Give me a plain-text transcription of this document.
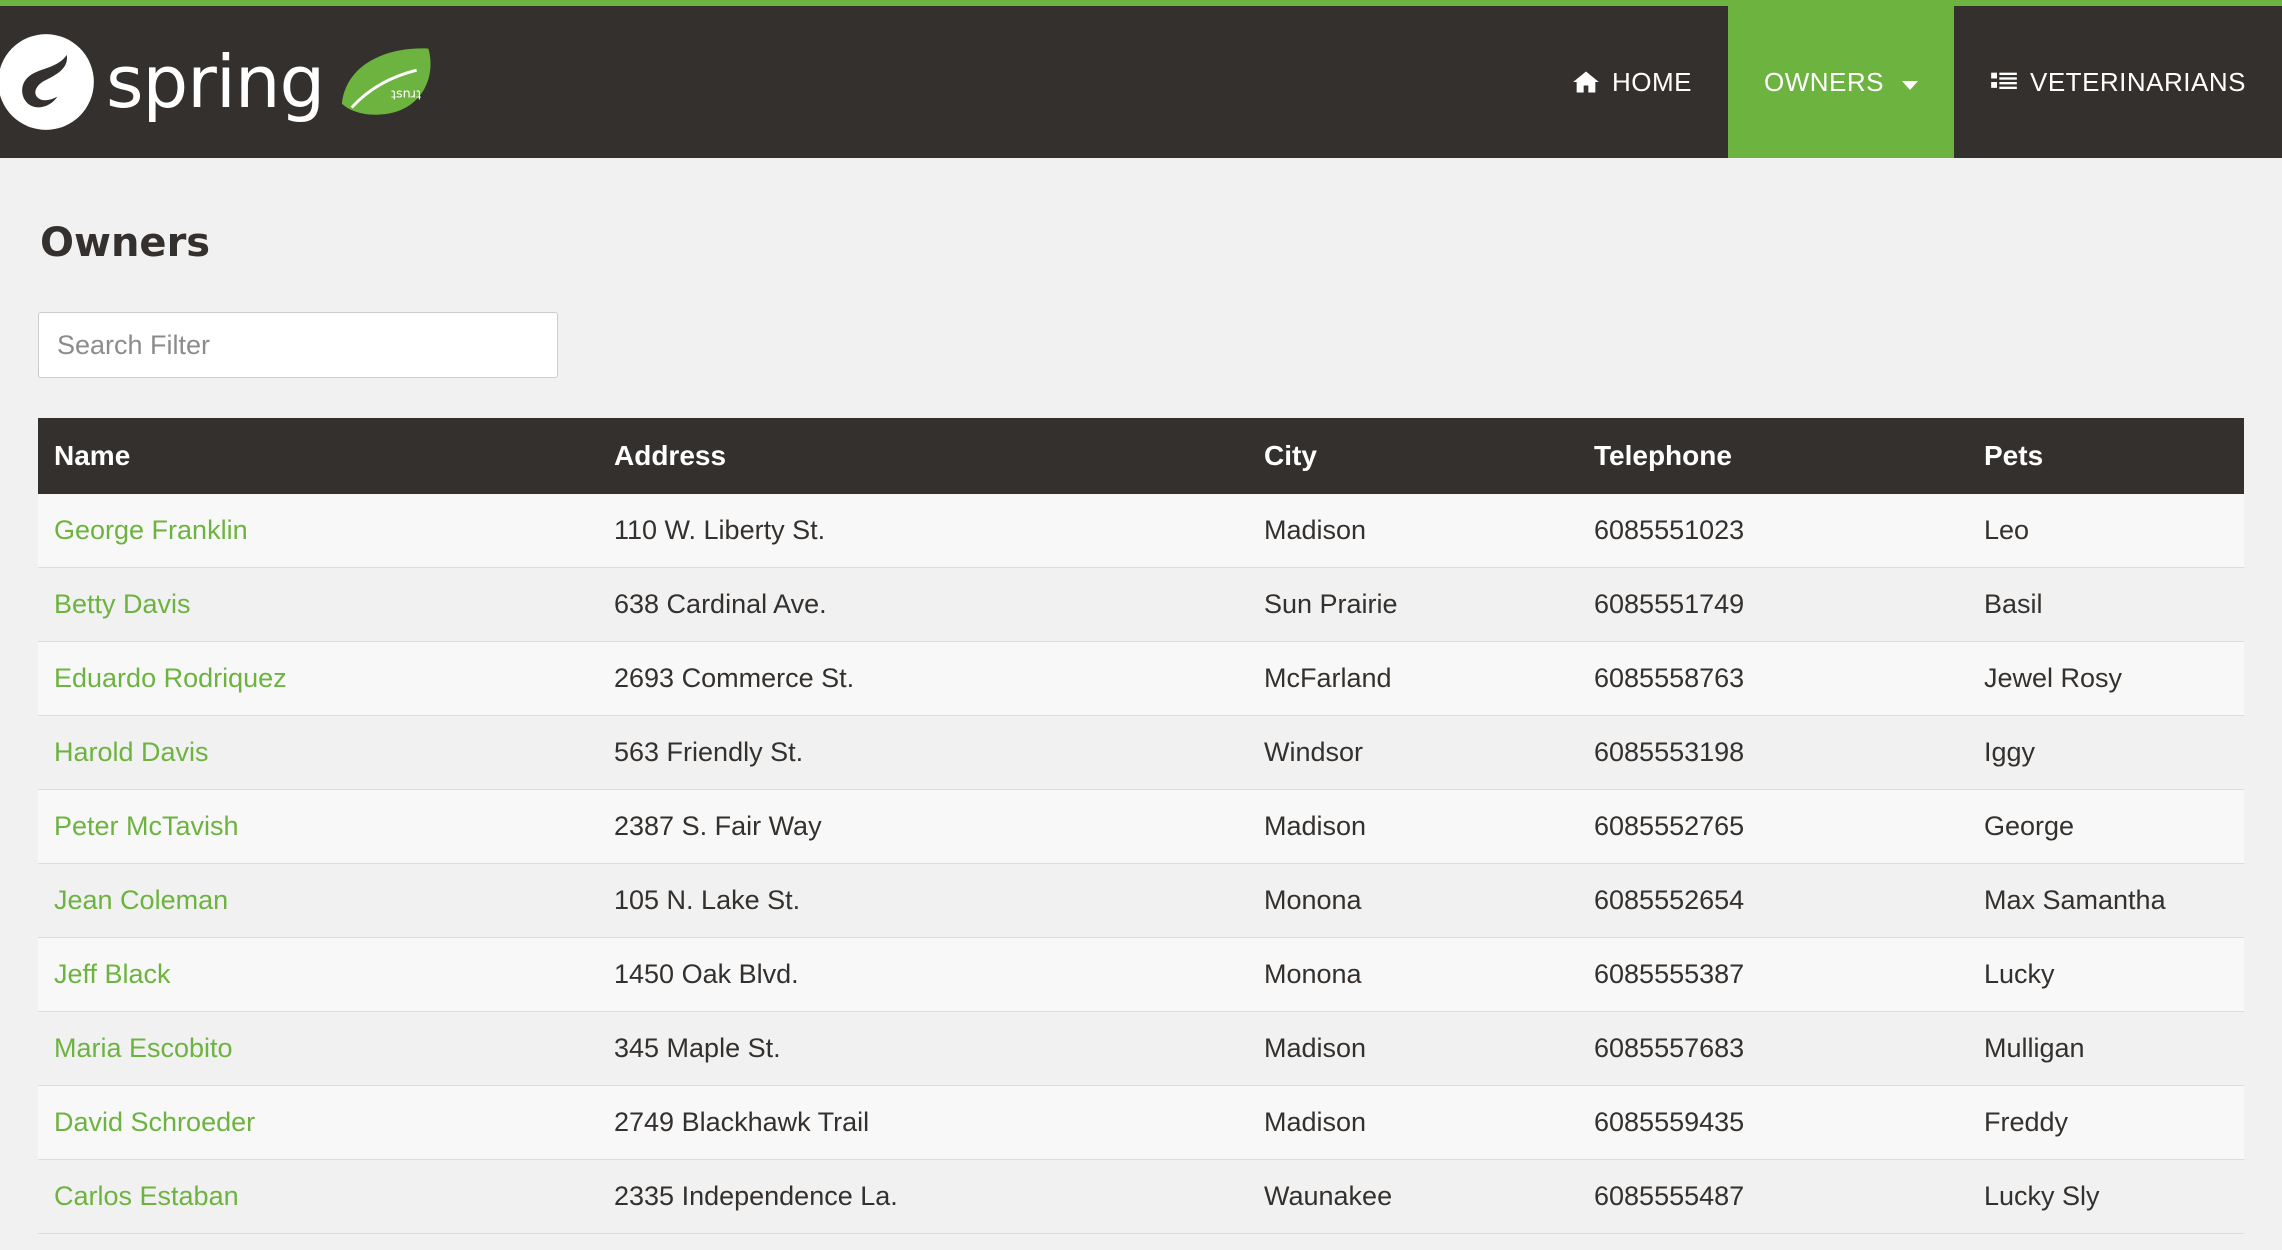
spring	ʇsnɹʇ	HOME	OWNERS	VETERINARIANS
Owners
Search Filter
Name	Address	City	Telephone	Pets
George Franklin	110 W. Liberty St.	Madison	6085551023	Leo
Betty Davis	638 Cardinal Ave.	Sun Prairie	6085551749	Basil
Eduardo Rodriquez	2693 Commerce St.	McFarland	6085558763	Jewel Rosy
Harold Davis	563 Friendly St.	Windsor	6085553198	Iggy
Peter McTavish	2387 S. Fair Way	Madison	6085552765	George
Jean Coleman	105 N. Lake St.	Monona	6085552654	Max Samantha
Jeff Black	1450 Oak Blvd.	Monona	6085555387	Lucky
Maria Escobito	345 Maple St.	Madison	6085557683	Mulligan
David Schroeder	2749 Blackhawk Trail	Madison	6085559435	Freddy
Carlos Estaban	2335 Independence La.	Waunakee	6085555487	Lucky Sly
